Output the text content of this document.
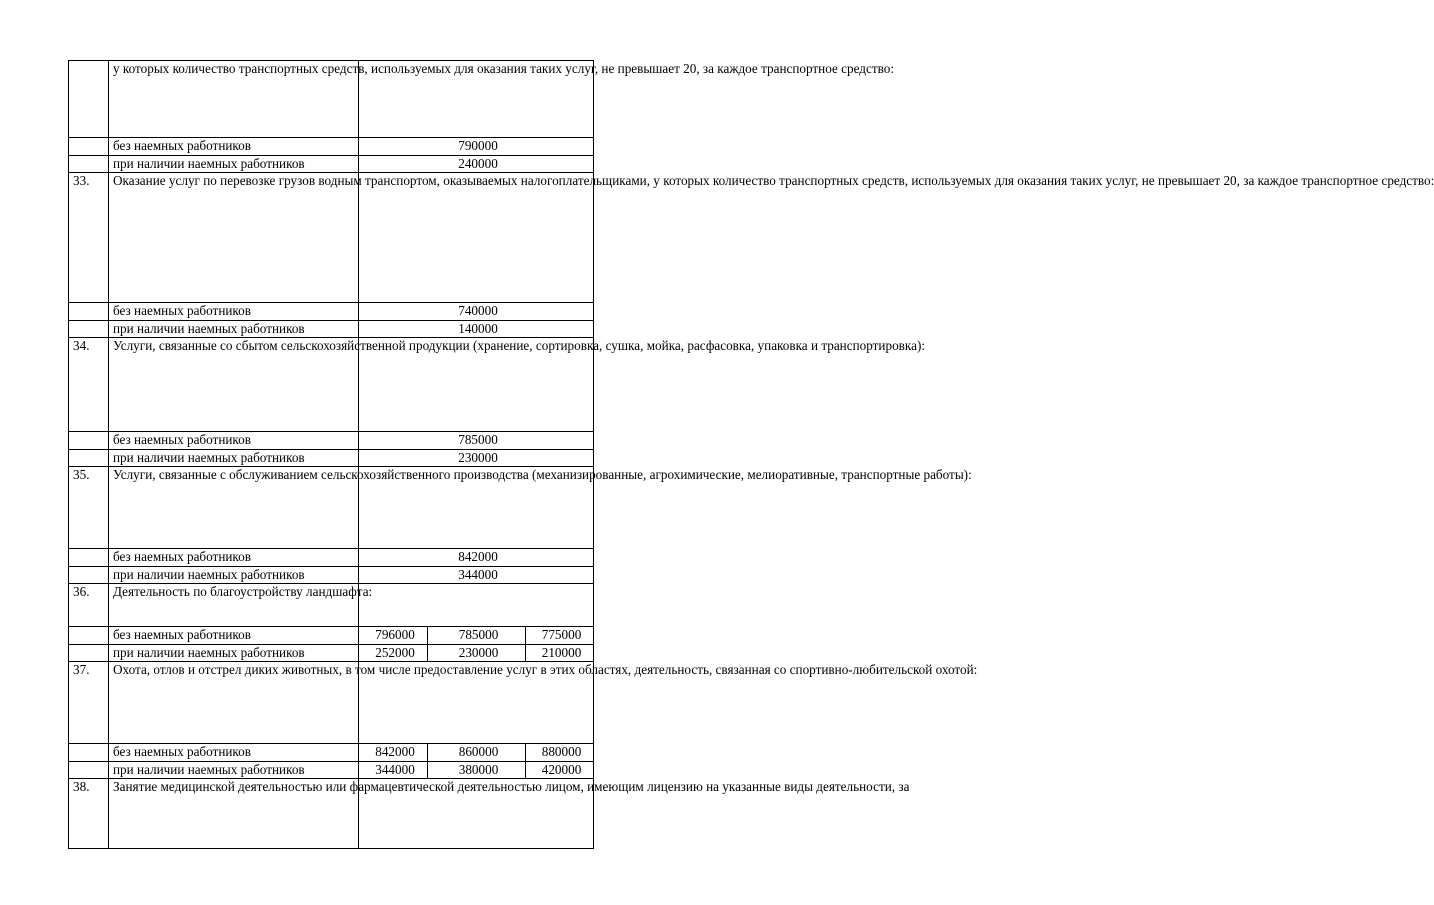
	у которых количество транспортных средств, используемых для оказания таких услуг, не превышает 20, за каждое транспортное средство:			
	без наемных работников	790000		
	при наличии наемных работников	240000		
33.	Оказание услуг по перевозке грузов водным транспортом, оказываемых налогоплательщиками, у которых количество транспортных средств, используемых для оказания таких услуг, не превышает 20, за каждое транспортное средство:			
	без наемных работников	740000		
	при наличии наемных работников	140000		
34.	Услуги, связанные со сбытом сельскохозяйственной продукции (хранение, сортировка, сушка, мойка, расфасовка, упаковка и транспортировка):			
	без наемных работников	785000		
	при наличии наемных работников	230000		
35.	Услуги, связанные с обслуживанием сельскохозяйственного производства (механизированные, агрохимические, мелиоративные, транспортные работы):			
	без наемных работников	842000		
	при наличии наемных работников	344000		
36.	Деятельность по благоустройству ландшафта:			
	без наемных работников	796000	785000	775000
	при наличии наемных работников	252000	230000	210000
37.	Охота, отлов и отстрел диких животных, в том числе предоставление услуг в этих областях, деятельность, связанная со спортивно-любительской охотой:			
	без наемных работников	842000	860000	880000
	при наличии наемных работников	344000	380000	420000
38.	Занятие медицинской деятельностью или фармацевтической деятельностью лицом, имеющим лицензию на указанные виды деятельности, за			
